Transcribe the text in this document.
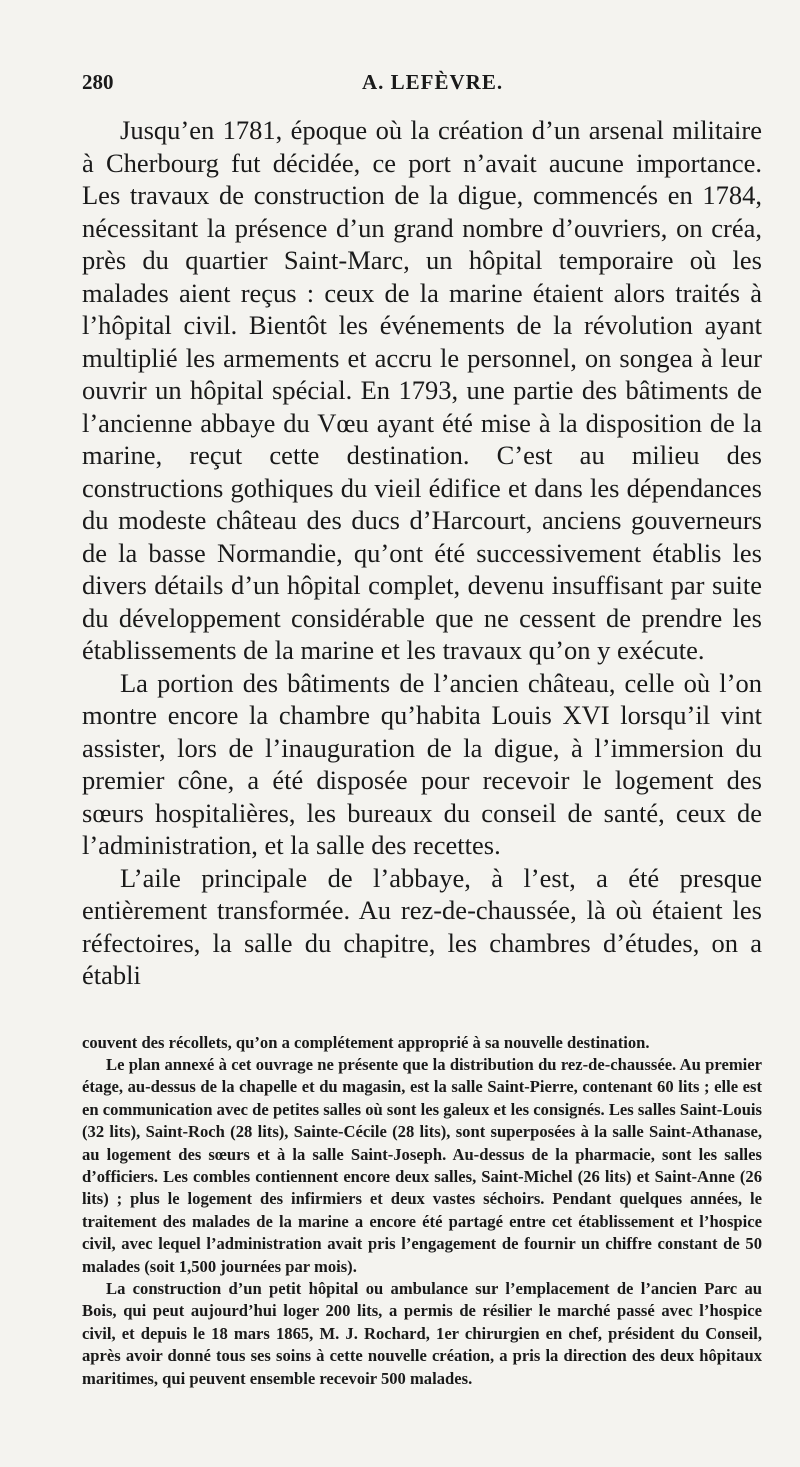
280	A. LEFÈVRE.

Jusqu’en 1781, époque où la création d’un arsenal militaire à Cherbourg fut décidée, ce port n’avait aucune importance. Les travaux de construction de la digue, commencés en 1784, nécessitant la présence d’un grand nombre d’ouvriers, on créa, près du quartier Saint-Marc, un hôpital temporaire où les malades aient reçus : ceux de la marine étaient alors traités à l’hôpital civil. Bientôt les événements de la révolution ayant multiplié les armements et accru le personnel, on songea à leur ouvrir un hôpital spécial. En 1793, une partie des bâtiments de l’ancienne abbaye du Vœu ayant été mise à la disposition de la marine, reçut cette destination. C’est au milieu des constructions gothiques du vieil édifice et dans les dépendances du modeste château des ducs d’Harcourt, anciens gouverneurs de la basse Normandie, qu’ont été successivement établis les divers détails d’un hôpital complet, devenu insuffisant par suite du développement considérable que ne cessent de prendre les établissements de la marine et les travaux qu’on y exécute.

La portion des bâtiments de l’ancien château, celle où l’on montre encore la chambre qu’habita Louis XVI lorsqu’il vint assister, lors de l’inauguration de la digue, à l’immersion du premier cône, a été disposée pour recevoir le logement des sœurs hospitalières, les bureaux du conseil de santé, ceux de l’administration, et la salle des recettes.

L’aile principale de l’abbaye, à l’est, a été presque entièrement transformée. Au rez-de-chaussée, là où étaient les réfectoires, la salle du chapitre, les chambres d’études, on a établi

couvent des récollets, qu’on a complétement approprié à sa nouvelle destination.

Le plan annexé à cet ouvrage ne présente que la distribution du rez-de-chaussée. Au premier étage, au-dessus de la chapelle et du magasin, est la salle Saint-Pierre, contenant 60 lits ; elle est en communication avec de petites salles où sont les galeux et les consignés. Les salles Saint-Louis (32 lits), Saint-Roch (28 lits), Sainte-Cécile (28 lits), sont superposées à la salle Saint-Athanase, au logement des sœurs et à la salle Saint-Joseph. Au-dessus de la pharmacie, sont les salles d’officiers. Les combles contiennent encore deux salles, Saint-Michel (26 lits) et Saint-Anne (26 lits) ; plus le logement des infirmiers et deux vastes séchoirs. Pendant quelques années, le traitement des malades de la marine a encore été partagé entre cet établissement et l’hospice civil, avec lequel l’administration avait pris l’engagement de fournir un chiffre constant de 50 malades (soit 1,500 journées par mois).

La construction d’un petit hôpital ou ambulance sur l’emplacement de l’ancien Parc au Bois, qui peut aujourd’hui loger 200 lits, a permis de résilier le marché passé avec l’hospice civil, et depuis le 18 mars 1865, M. J. Rochard, 1er chirurgien en chef, président du Conseil, après avoir donné tous ses soins à cette nouvelle création, a pris la direction des deux hôpitaux maritimes, qui peuvent ensemble recevoir 500 malades.
